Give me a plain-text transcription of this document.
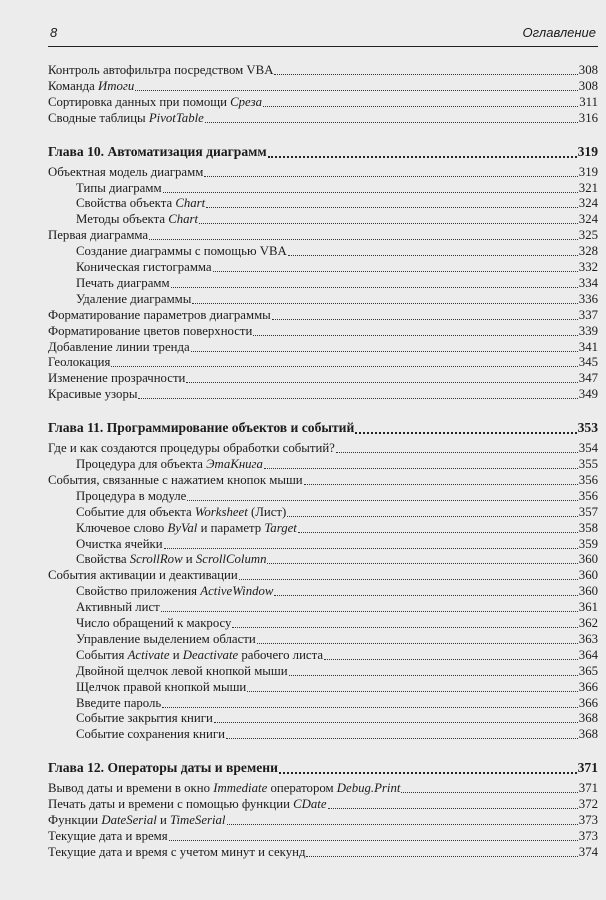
8	Оглавление
Контроль автофильтра посредством VBA	308
Команда Итоги	308
Сортировка данных при помощи Среза	311
Сводные таблицы PivotTable	316
Глава 10. Автоматизация диаграмм	319
Объектная модель диаграмм	319
Типы диаграмм	321
Свойства объекта Chart	324
Методы объекта Chart	324
Первая диаграмма	325
Создание диаграммы с помощью VBA	328
Коническая гистограмма	332
Печать диаграмм	334
Удаление диаграммы	336
Форматирование параметров диаграммы	337
Форматирование цветов поверхности	339
Добавление линии тренда	341
Геолокация	345
Изменение прозрачности	347
Красивые узоры	349
Глава 11. Программирование объектов и событий	353
Где и как создаются процедуры обработки событий?	354
Процедура для объекта ЭтаКнига	355
События, связанные с нажатием кнопок мыши	356
Процедура в модуле	356
Событие для объекта Worksheet (Лист)	357
Ключевое слово ByVal и параметр Target	358
Очистка ячейки	359
Свойства ScrollRow и ScrollColumn	360
События активации и деактивации	360
Свойство приложения ActiveWindow	360
Активный лист	361
Число обращений к макросу	362
Управление выделением области	363
События Activate и Deactivate рабочего листа	364
Двойной щелчок левой кнопкой мыши	365
Щелчок правой кнопкой мыши	366
Введите пароль	366
Событие закрытия книги	368
Событие сохранения книги	368
Глава 12. Операторы даты и времени	371
Вывод даты и времени в окно Immediate оператором Debug.Print	371
Печать даты и времени с помощью функции CDate	372
Функции DateSerial и TimeSerial	373
Текущие дата и время	373
Текущие дата и время с учетом минут и секунд	374
